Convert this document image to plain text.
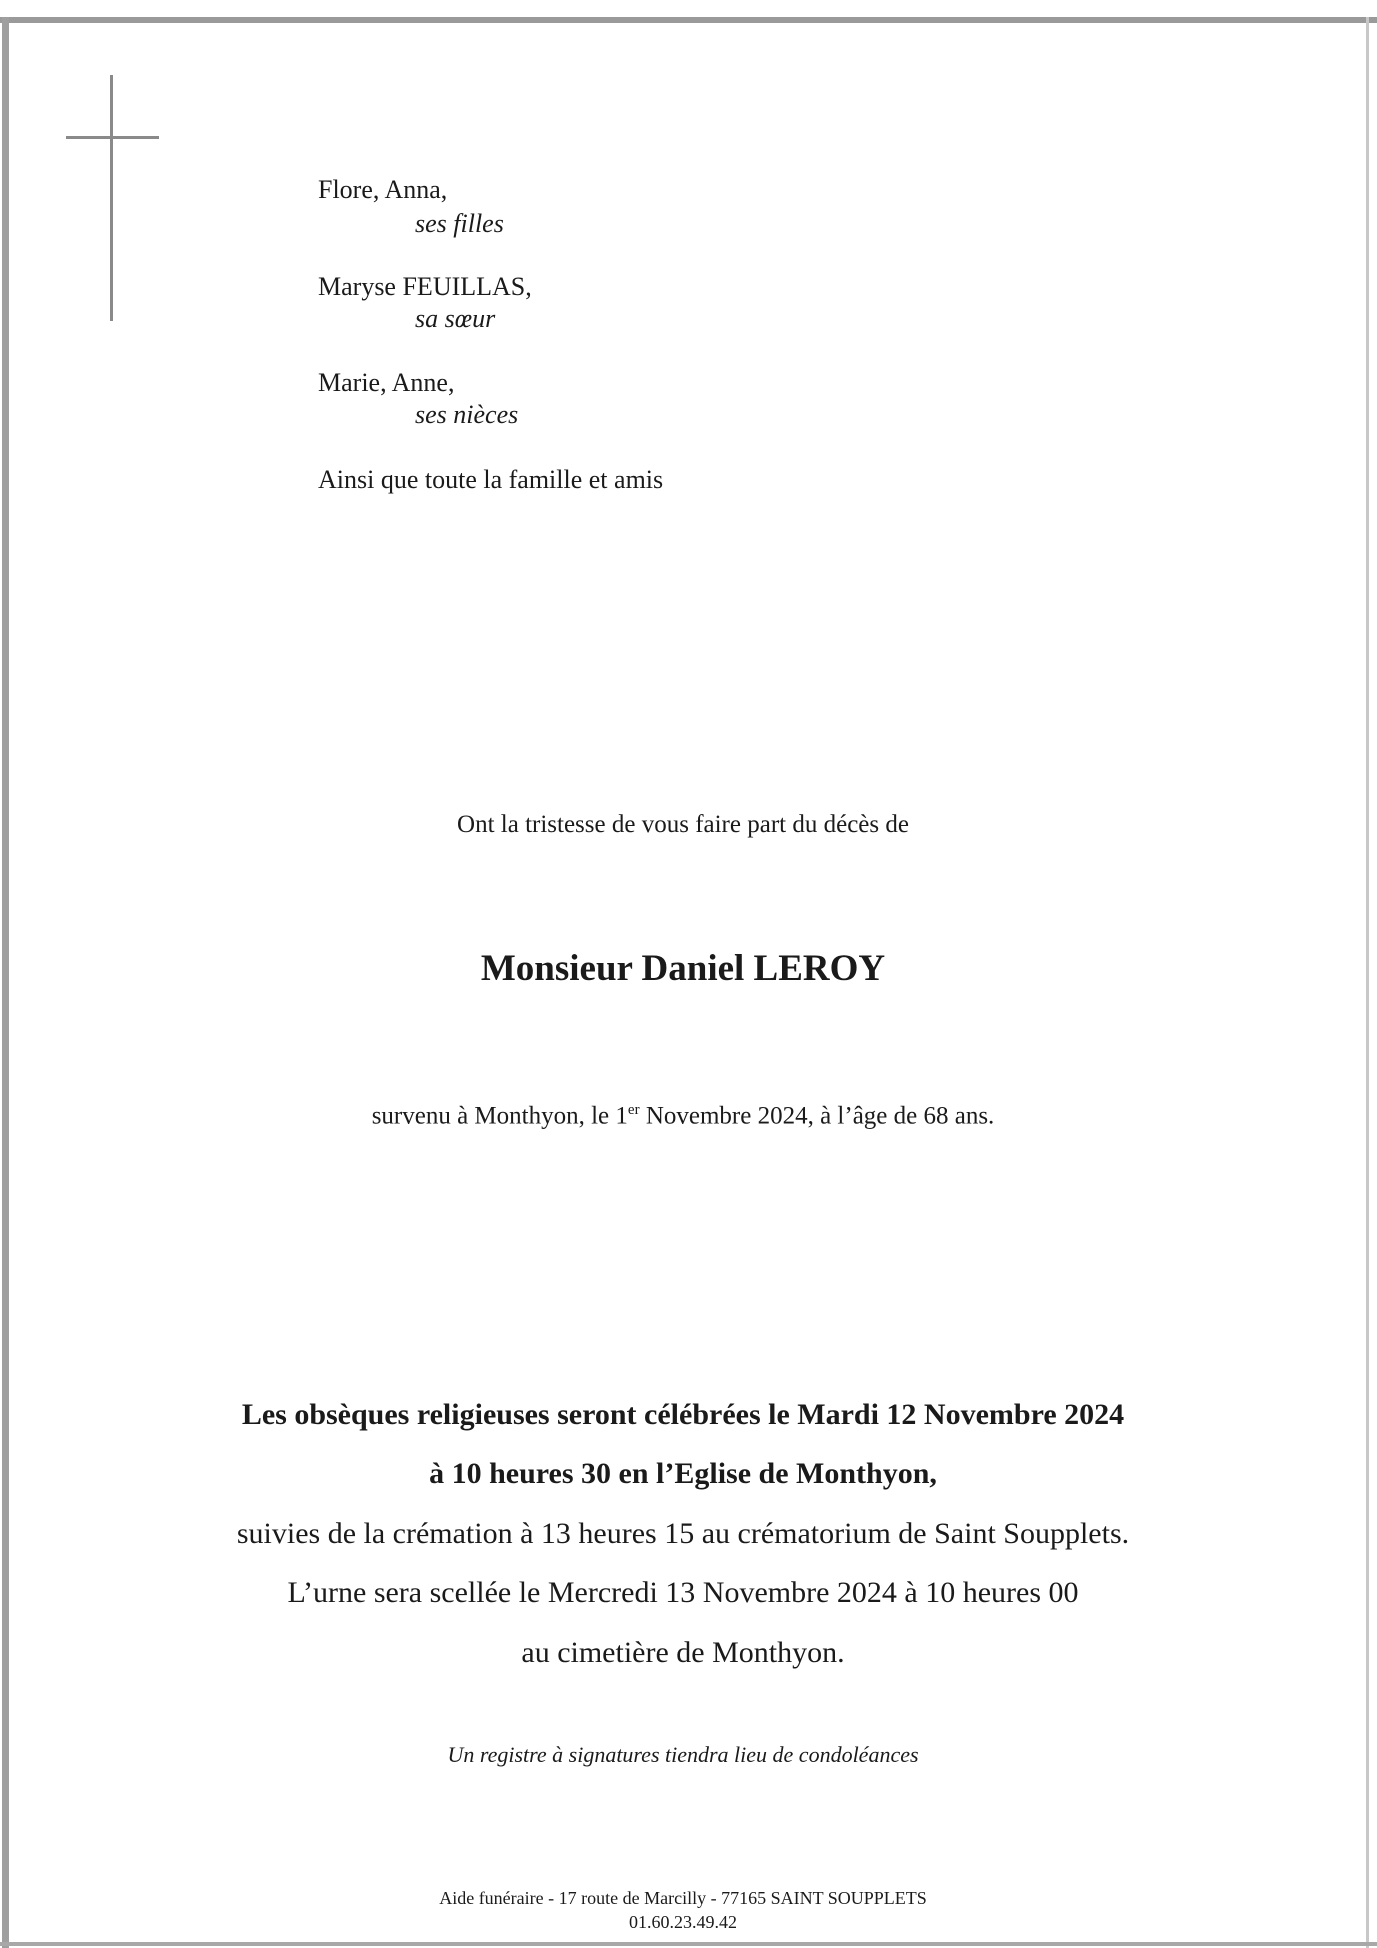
Flore, Anna,
ses filles
Maryse FEUILLAS,
sa sœur
Marie, Anne,
ses nièces
Ainsi que toute la famille et amis
Ont la tristesse de vous faire part du décès de
Monsieur Daniel LEROY
survenu à Monthyon, le 1er Novembre 2024, à l’âge de 68 ans.
Les obsèques religieuses seront célébrées le Mardi 12 Novembre 2024
à 10 heures 30 en l’Eglise de Monthyon,
suivies de la crémation à 13 heures 15 au crématorium de Saint Soupplets.
L’urne sera scellée le Mercredi 13 Novembre 2024 à 10 heures 00
au cimetière de Monthyon.
Un registre à signatures tiendra lieu de condoléances
Aide funéraire - 17 route de Marcilly - 77165 SAINT SOUPPLETS
01.60.23.49.42
